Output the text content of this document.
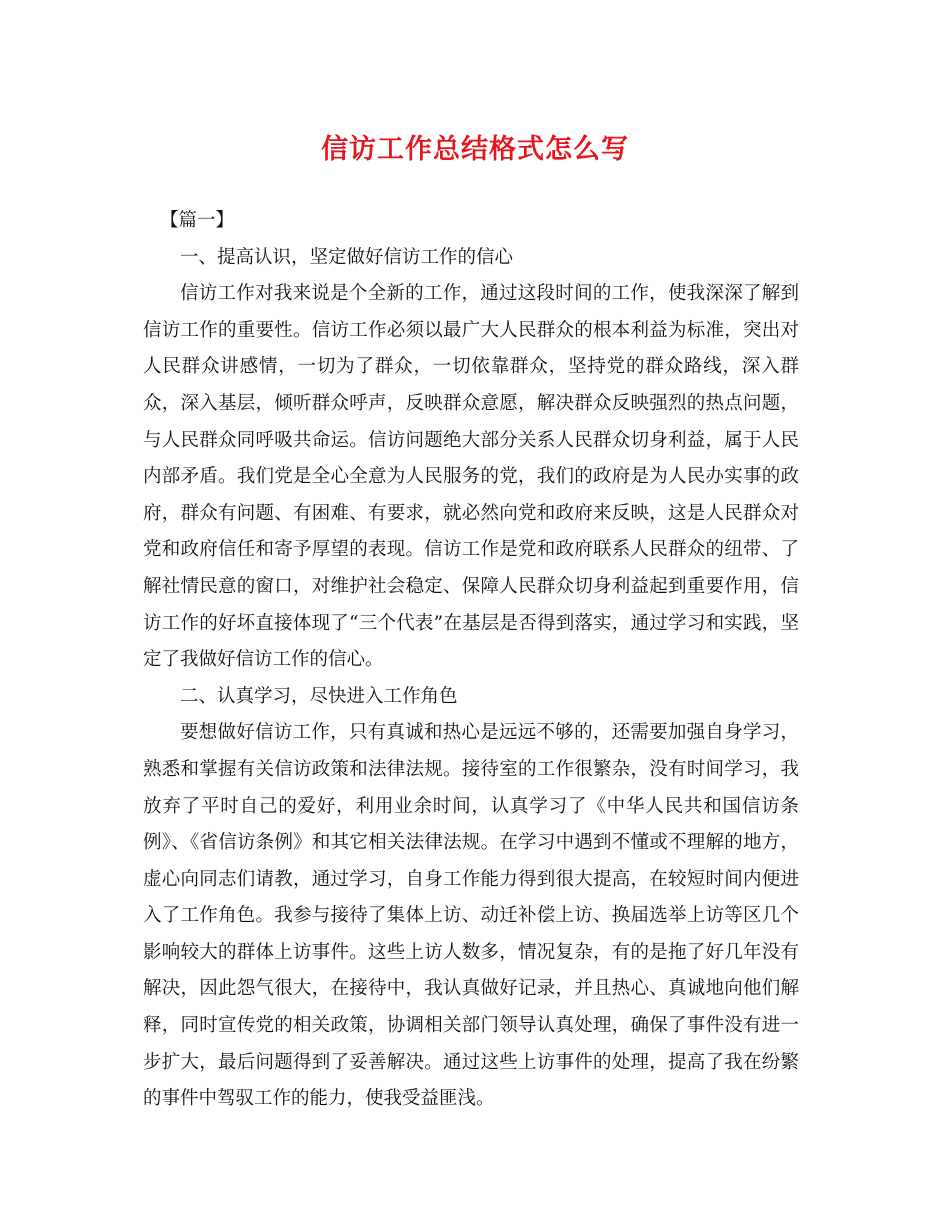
信访工作总结格式怎么写

【篇一】

一、提高认识，坚定做好信访工作的信心

信访工作对我来说是个全新的工作，通过这段时间的工作，使我深深了解到信访工作的重要性。信访工作必须以最广大人民群众的根本利益为标准，突出对人民群众讲感情，一切为了群众，一切依靠群众，坚持党的群众路线，深入群众，深入基层，倾听群众呼声，反映群众意愿，解决群众反映强烈的热点问题，与人民群众同呼吸共命运。信访问题绝大部分关系人民群众切身利益，属于人民内部矛盾。我们党是全心全意为人民服务的党，我们的政府是为人民办实事的政府，群众有问题、有困难、有要求，就必然向党和政府来反映，这是人民群众对党和政府信任和寄予厚望的表现。信访工作是党和政府联系人民群众的纽带、了解社情民意的窗口，对维护社会稳定、保障人民群众切身利益起到重要作用，信访工作的好坏直接体现了“三个代表”在基层是否得到落实，通过学习和实践，坚定了我做好信访工作的信心。

二、认真学习，尽快进入工作角色

要想做好信访工作，只有真诚和热心是远远不够的，还需要加强自身学习，熟悉和掌握有关信访政策和法律法规。接待室的工作很繁杂，没有时间学习，我放弃了平时自己的爱好，利用业余时间，认真学习了《中华人民共和国信访条例》、《省信访条例》和其它相关法律法规。在学习中遇到不懂或不理解的地方，虚心向同志们请教，通过学习，自身工作能力得到很大提高，在较短时间内便进入了工作角色。我参与接待了集体上访、动迁补偿上访、换届选举上访等区几个影响较大的群体上访事件。这些上访人数多，情况复杂，有的是拖了好几年没有解决，因此怨气很大，在接待中，我认真做好记录，并且热心、真诚地向他们解释，同时宣传党的相关政策，协调相关部门领导认真处理，确保了事件没有进一步扩大，最后问题得到了妥善解决。通过这些上访事件的处理，提高了我在纷繁的事件中驾驭工作的能力，使我受益匪浅。
